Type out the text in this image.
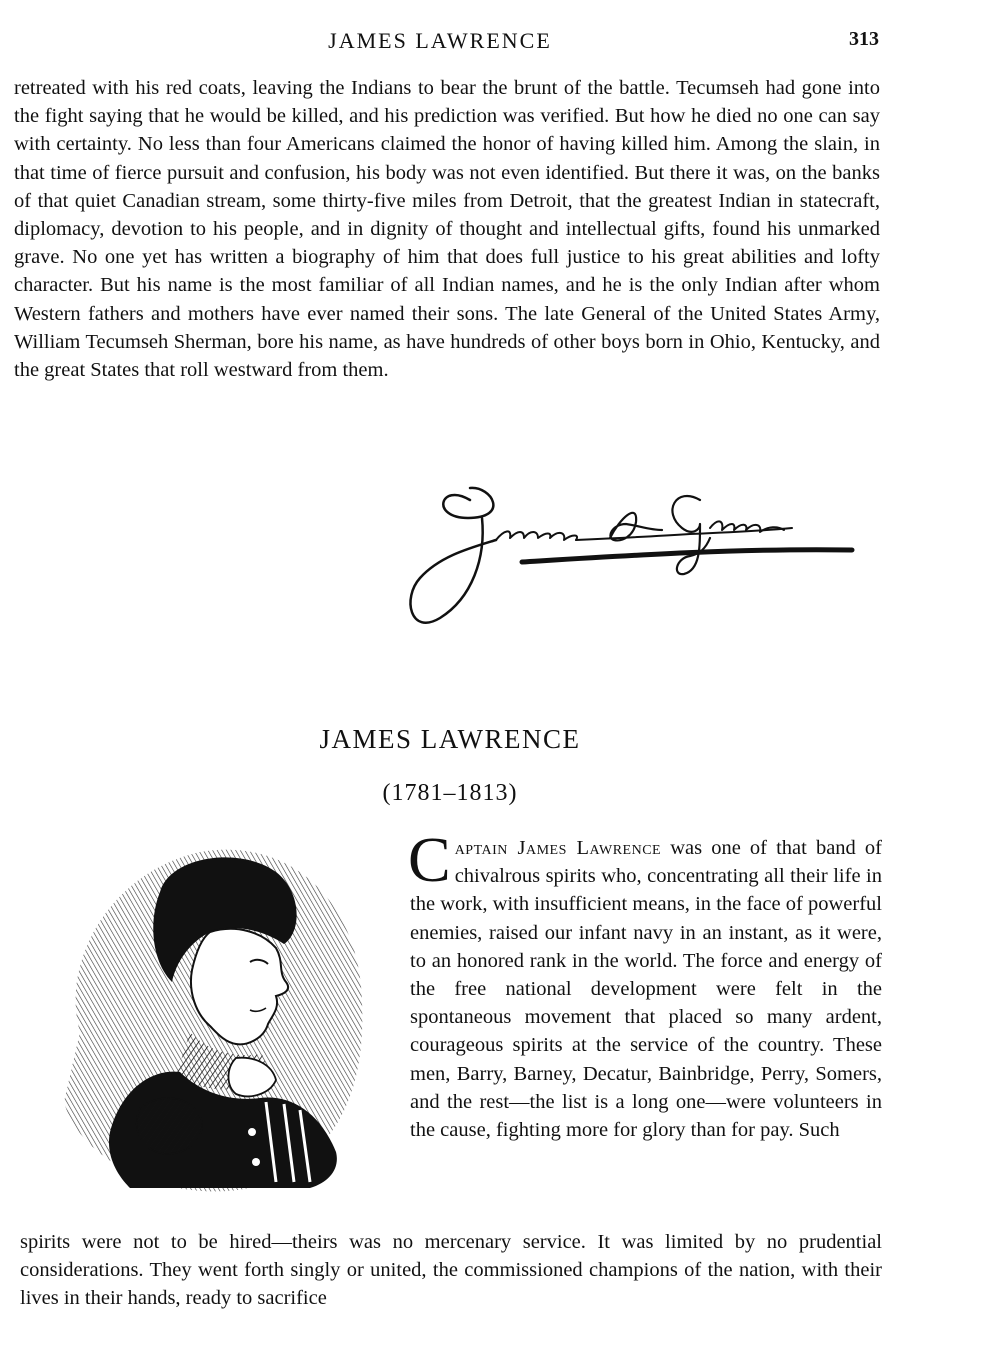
JAMES LAWRENCE	313

retreated with his red coats, leaving the Indians to bear the brunt of the battle. Tecumseh had gone into the fight saying that he would be killed, and his prediction was verified. But how he died no one can say with certainty. No less than four Americans claimed the honor of having killed him. Among the slain, in that time of fierce pursuit and confusion, his body was not even identified. But there it was, on the banks of that quiet Canadian stream, some thirty-five miles from Detroit, that the greatest Indian in statecraft, diplomacy, devotion to his people, and in dignity of thought and intellectual gifts, found his unmarked grave. No one yet has written a biography of him that does full justice to his great abilities and lofty character. But his name is the most familiar of all Indian names, and he is the only Indian after whom Western fathers and mothers have ever named their sons. The late General of the United States Army, William Tecumseh Sherman, bore his name, as have hundreds of other boys born in Ohio, Kentucky, and the great States that roll westward from them.

JAMES LAWRENCE
(1781–1813)
Captain James Lawrence was one of that band of chivalrous spirits who, concentrating all their life in the work, with insufficient means, in the face of powerful enemies, raised our infant navy in an instant, as it were, to an honored rank in the world. The force and energy of the free national development were felt in the spontaneous movement that placed so many ardent, courageous spirits at the service of the country. These men, Barry, Barney, Decatur, Bainbridge, Perry, Somers, and the rest—the list is a long one—were volunteers in the cause, fighting more for glory than for pay. Such
spirits were not to be hired—theirs was no mercenary service. It was limited by no prudential considerations. They went forth singly or united, the commissioned champions of the nation, with their lives in their hands, ready to sacrifice
